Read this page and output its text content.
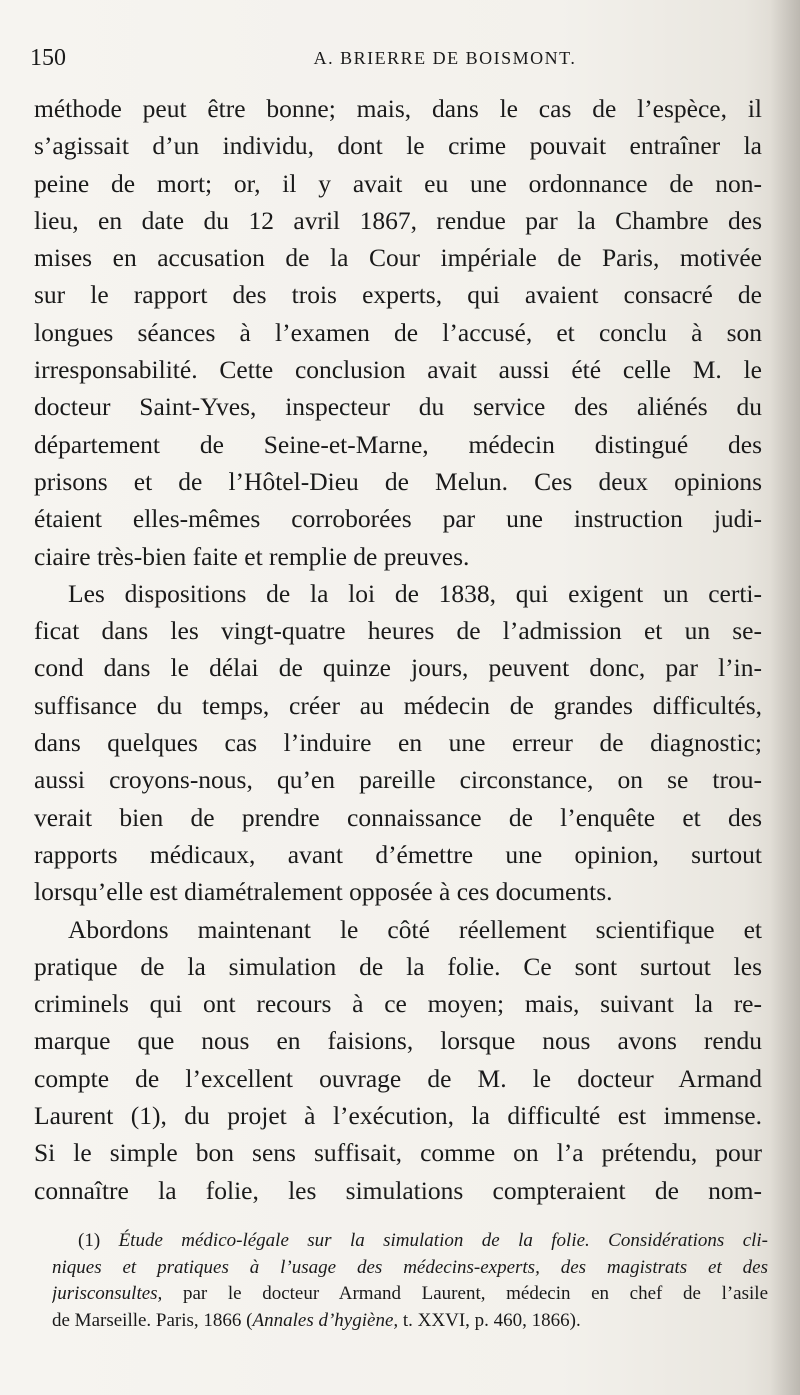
150	A. BRIERRE DE BOISMONT.
méthode peut être bonne; mais, dans le cas de l’espèce, il
s’agissait d’un individu, dont le crime pouvait entraîner la
peine de mort; or, il y avait eu une ordonnance de non-
lieu, en date du 12 avril 1867, rendue par la Chambre des
mises en accusation de la Cour impériale de Paris, motivée
sur le rapport des trois experts, qui avaient consacré de
longues séances à l’examen de l’accusé, et conclu à son
irresponsabilité. Cette conclusion avait aussi été celle M. le
docteur Saint-Yves, inspecteur du service des aliénés du
département de Seine-et-Marne, médecin distingué des
prisons et de l’Hôtel-Dieu de Melun. Ces deux opinions
étaient elles-mêmes corroborées par une instruction judi-
ciaire très-bien faite et remplie de preuves.
Les dispositions de la loi de 1838, qui exigent un certi-
ficat dans les vingt-quatre heures de l’admission et un se-
cond dans le délai de quinze jours, peuvent donc, par l’in-
suffisance du temps, créer au médecin de grandes difficultés,
dans quelques cas l’induire en une erreur de diagnostic;
aussi croyons-nous, qu’en pareille circonstance, on se trou-
verait bien de prendre connaissance de l’enquête et des
rapports médicaux, avant d’émettre une opinion, surtout
lorsqu’elle est diamétralement opposée à ces documents.
Abordons maintenant le côté réellement scientifique et
pratique de la simulation de la folie. Ce sont surtout les
criminels qui ont recours à ce moyen; mais, suivant la re-
marque que nous en faisions, lorsque nous avons rendu
compte de l’excellent ouvrage de M. le docteur Armand
Laurent (1), du projet à l’exécution, la difficulté est immense.
Si le simple bon sens suffisait, comme on l’a prétendu, pour
connaître la folie, les simulations compteraient de nom-
(1) Étude médico-légale sur la simulation de la folie. Considérations cli-
niques et pratiques à l’usage des médecins-experts, des magistrats et des
jurisconsultes, par le docteur Armand Laurent, médecin en chef de l’asile
de Marseille. Paris, 1866 (Annales d’hygiène, t. XXVI, p. 460, 1866).
